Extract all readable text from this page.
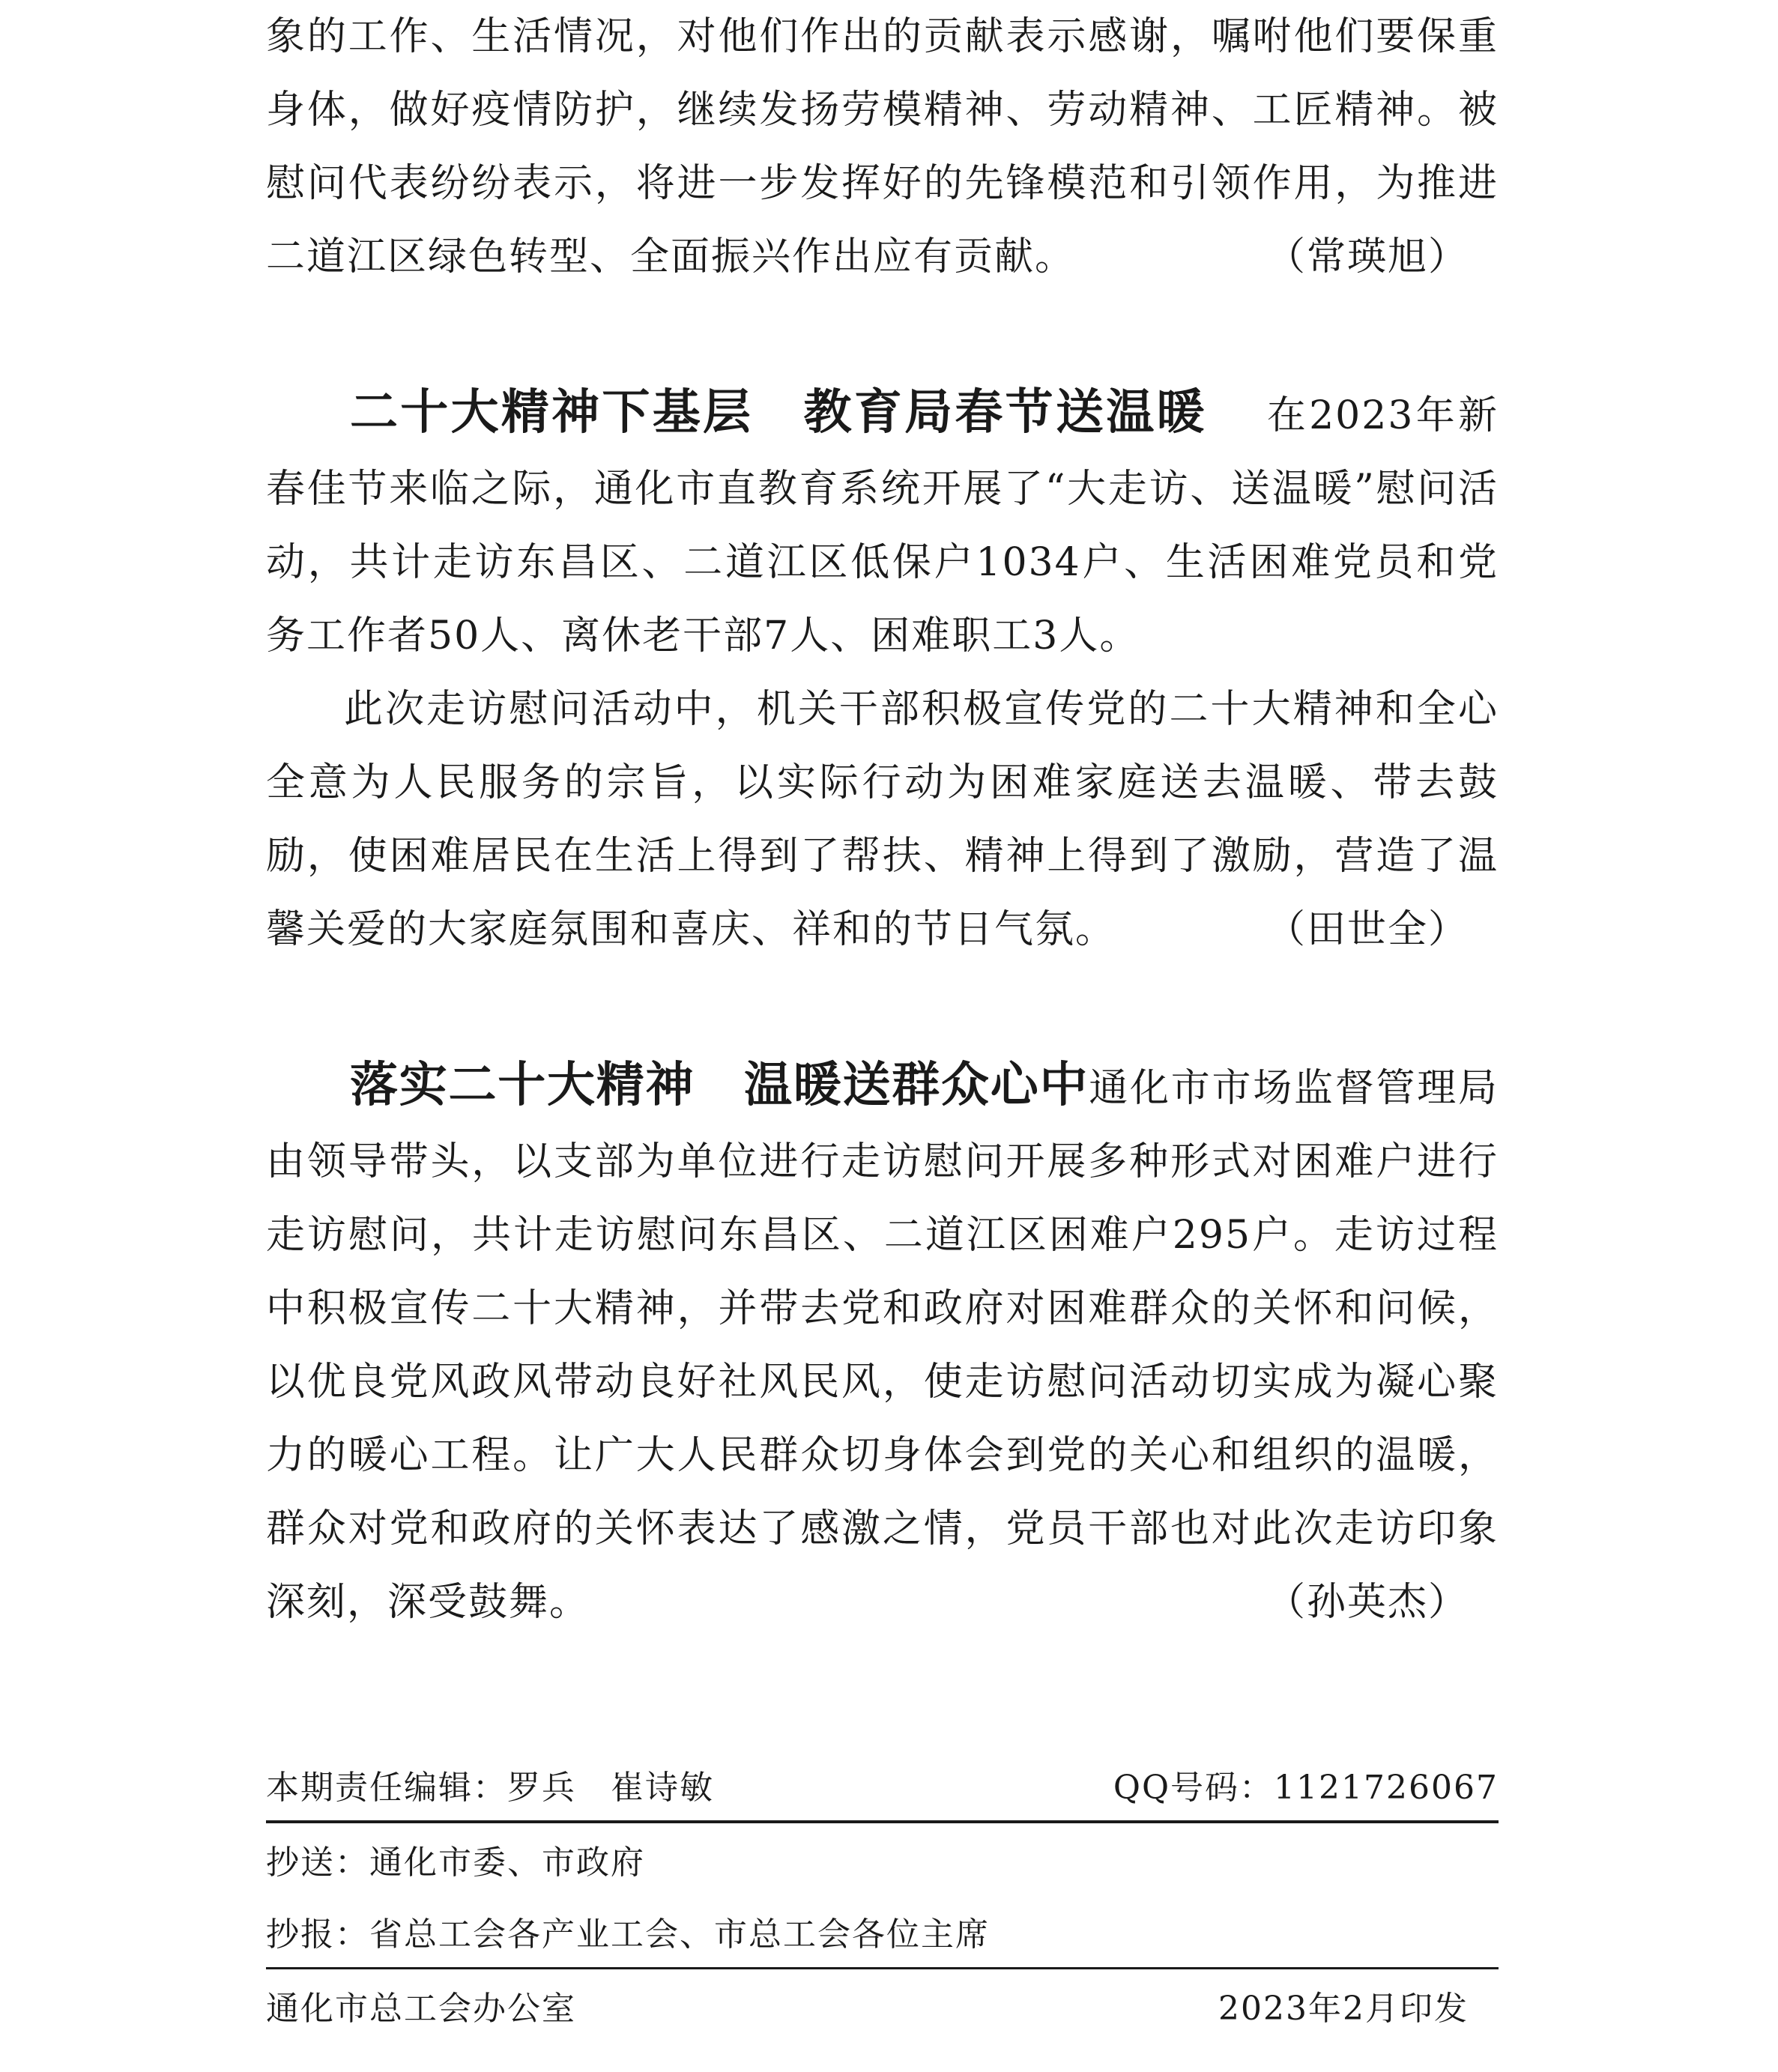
象的工作、生活情况，对他们作出的贡献表示感谢，嘱咐他们要保重身体，做好疫情防护，继续发扬劳模精神、劳动精神、工匠精神。被慰问代表纷纷表示，将进一步发挥好的先锋模范和引领作用，为推进二道江区绿色转型、全面振兴作出应有贡献。	（常瑛旭）

二十大精神下基层　教育局春节送温暖 在2023年新春佳节来临之际，通化市直教育系统开展了“大走访、送温暖”慰问活动，共计走访东昌区、二道江区低保户1034户、生活困难党员和党务工作者50人、离休老干部7人、困难职工3人。

此次走访慰问活动中，机关干部积极宣传党的二十大精神和全心全意为人民服务的宗旨，以实际行动为困难家庭送去温暖、带去鼓励，使困难居民在生活上得到了帮扶、精神上得到了激励，营造了温馨关爱的大家庭氛围和喜庆、祥和的节日气氛。	（田世全）

落实二十大精神　温暖送群众心中通化市市场监督管理局由领导带头，以支部为单位进行走访慰问开展多种形式对困难户进行走访慰问，共计走访慰问东昌区、二道江区困难户295户。走访过程中积极宣传二十大精神，并带去党和政府对困难群众的关怀和问候，以优良党风政风带动良好社风民风，使走访慰问活动切实成为凝心聚力的暖心工程。让广大人民群众切身体会到党的关心和组织的温暖，群众对党和政府的关怀表达了感激之情，党员干部也对此次走访印象深刻，深受鼓舞。	（孙英杰）

本期责任编辑：罗兵　崔诗敏	QQ号码：1121726067
抄送：通化市委、市政府
抄报：省总工会各产业工会、市总工会各位主席
通化市总工会办公室	2023年2月印发
